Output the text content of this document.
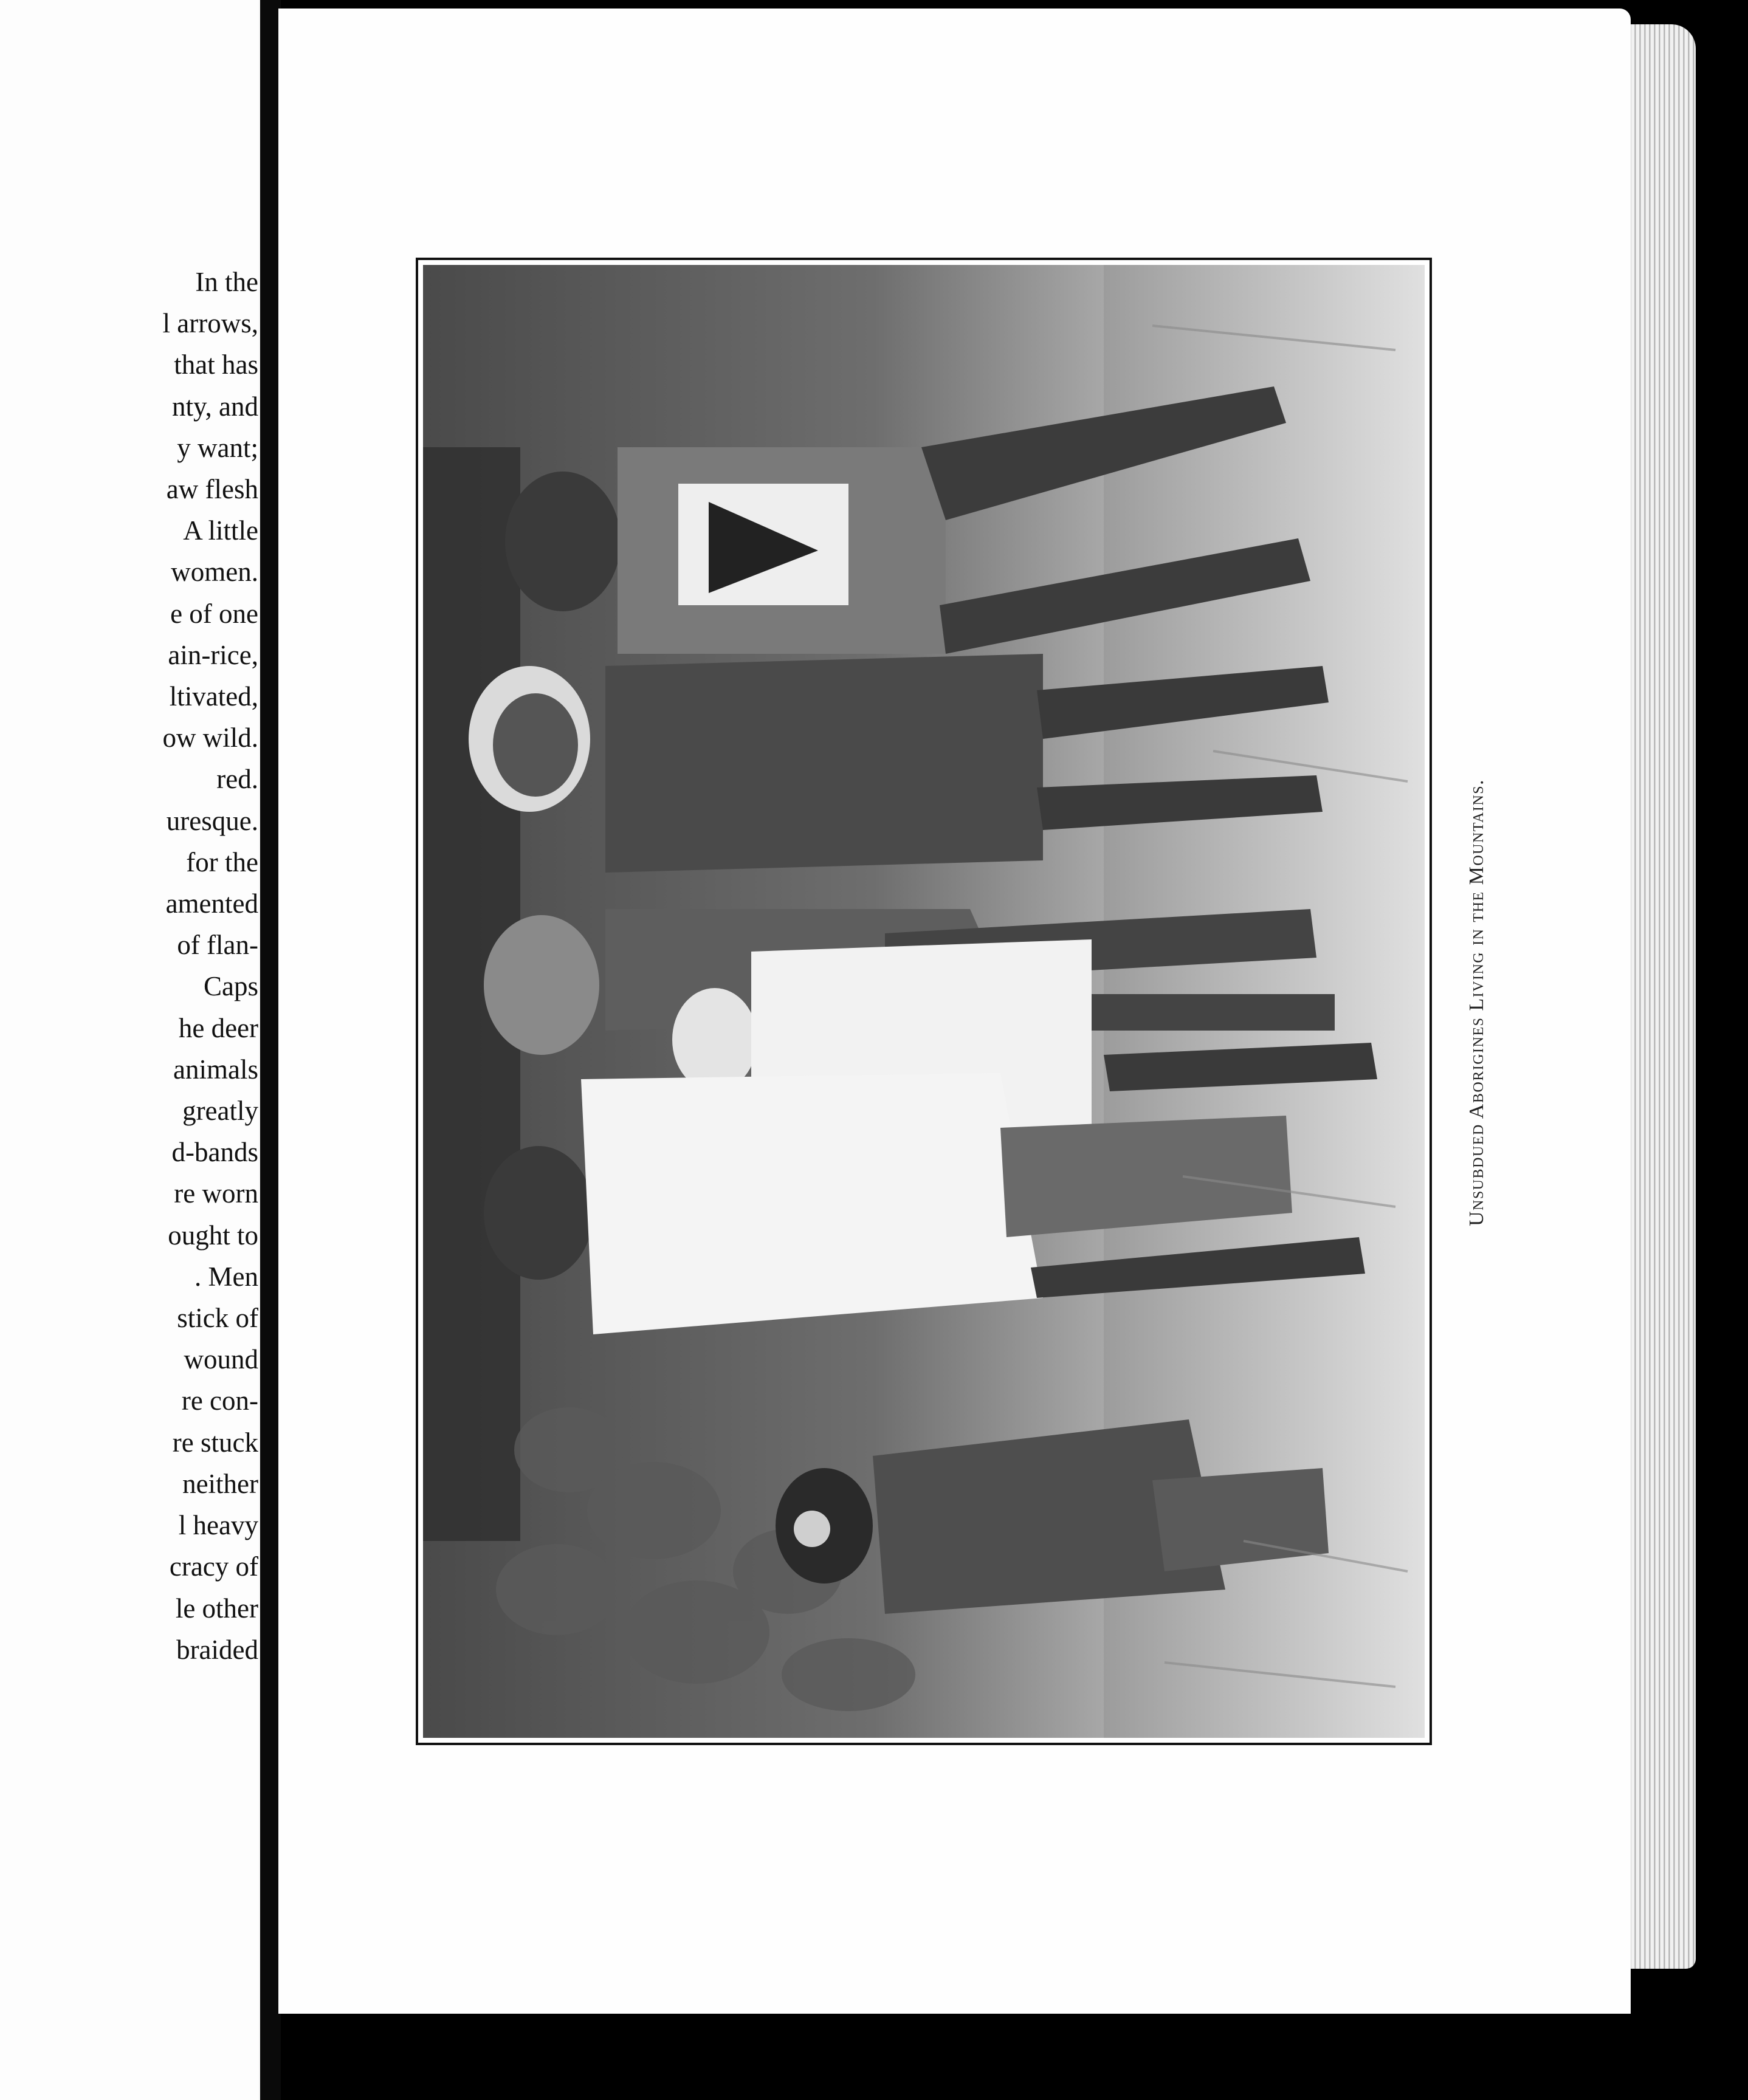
In the
l arrows,
that has
nty, and
y want;
aw flesh
A little
women.
e of one
ain-rice,
ltivated,
ow wild.
red.
uresque.
for the
amented
of flan-
Caps
he deer
animals
greatly
d-bands
re worn
ought to
. Men
stick of
wound
re con-
re stuck
neither
l heavy
cracy of
le other
braided
Unsubdued Aborigines Living in the Mountains.
